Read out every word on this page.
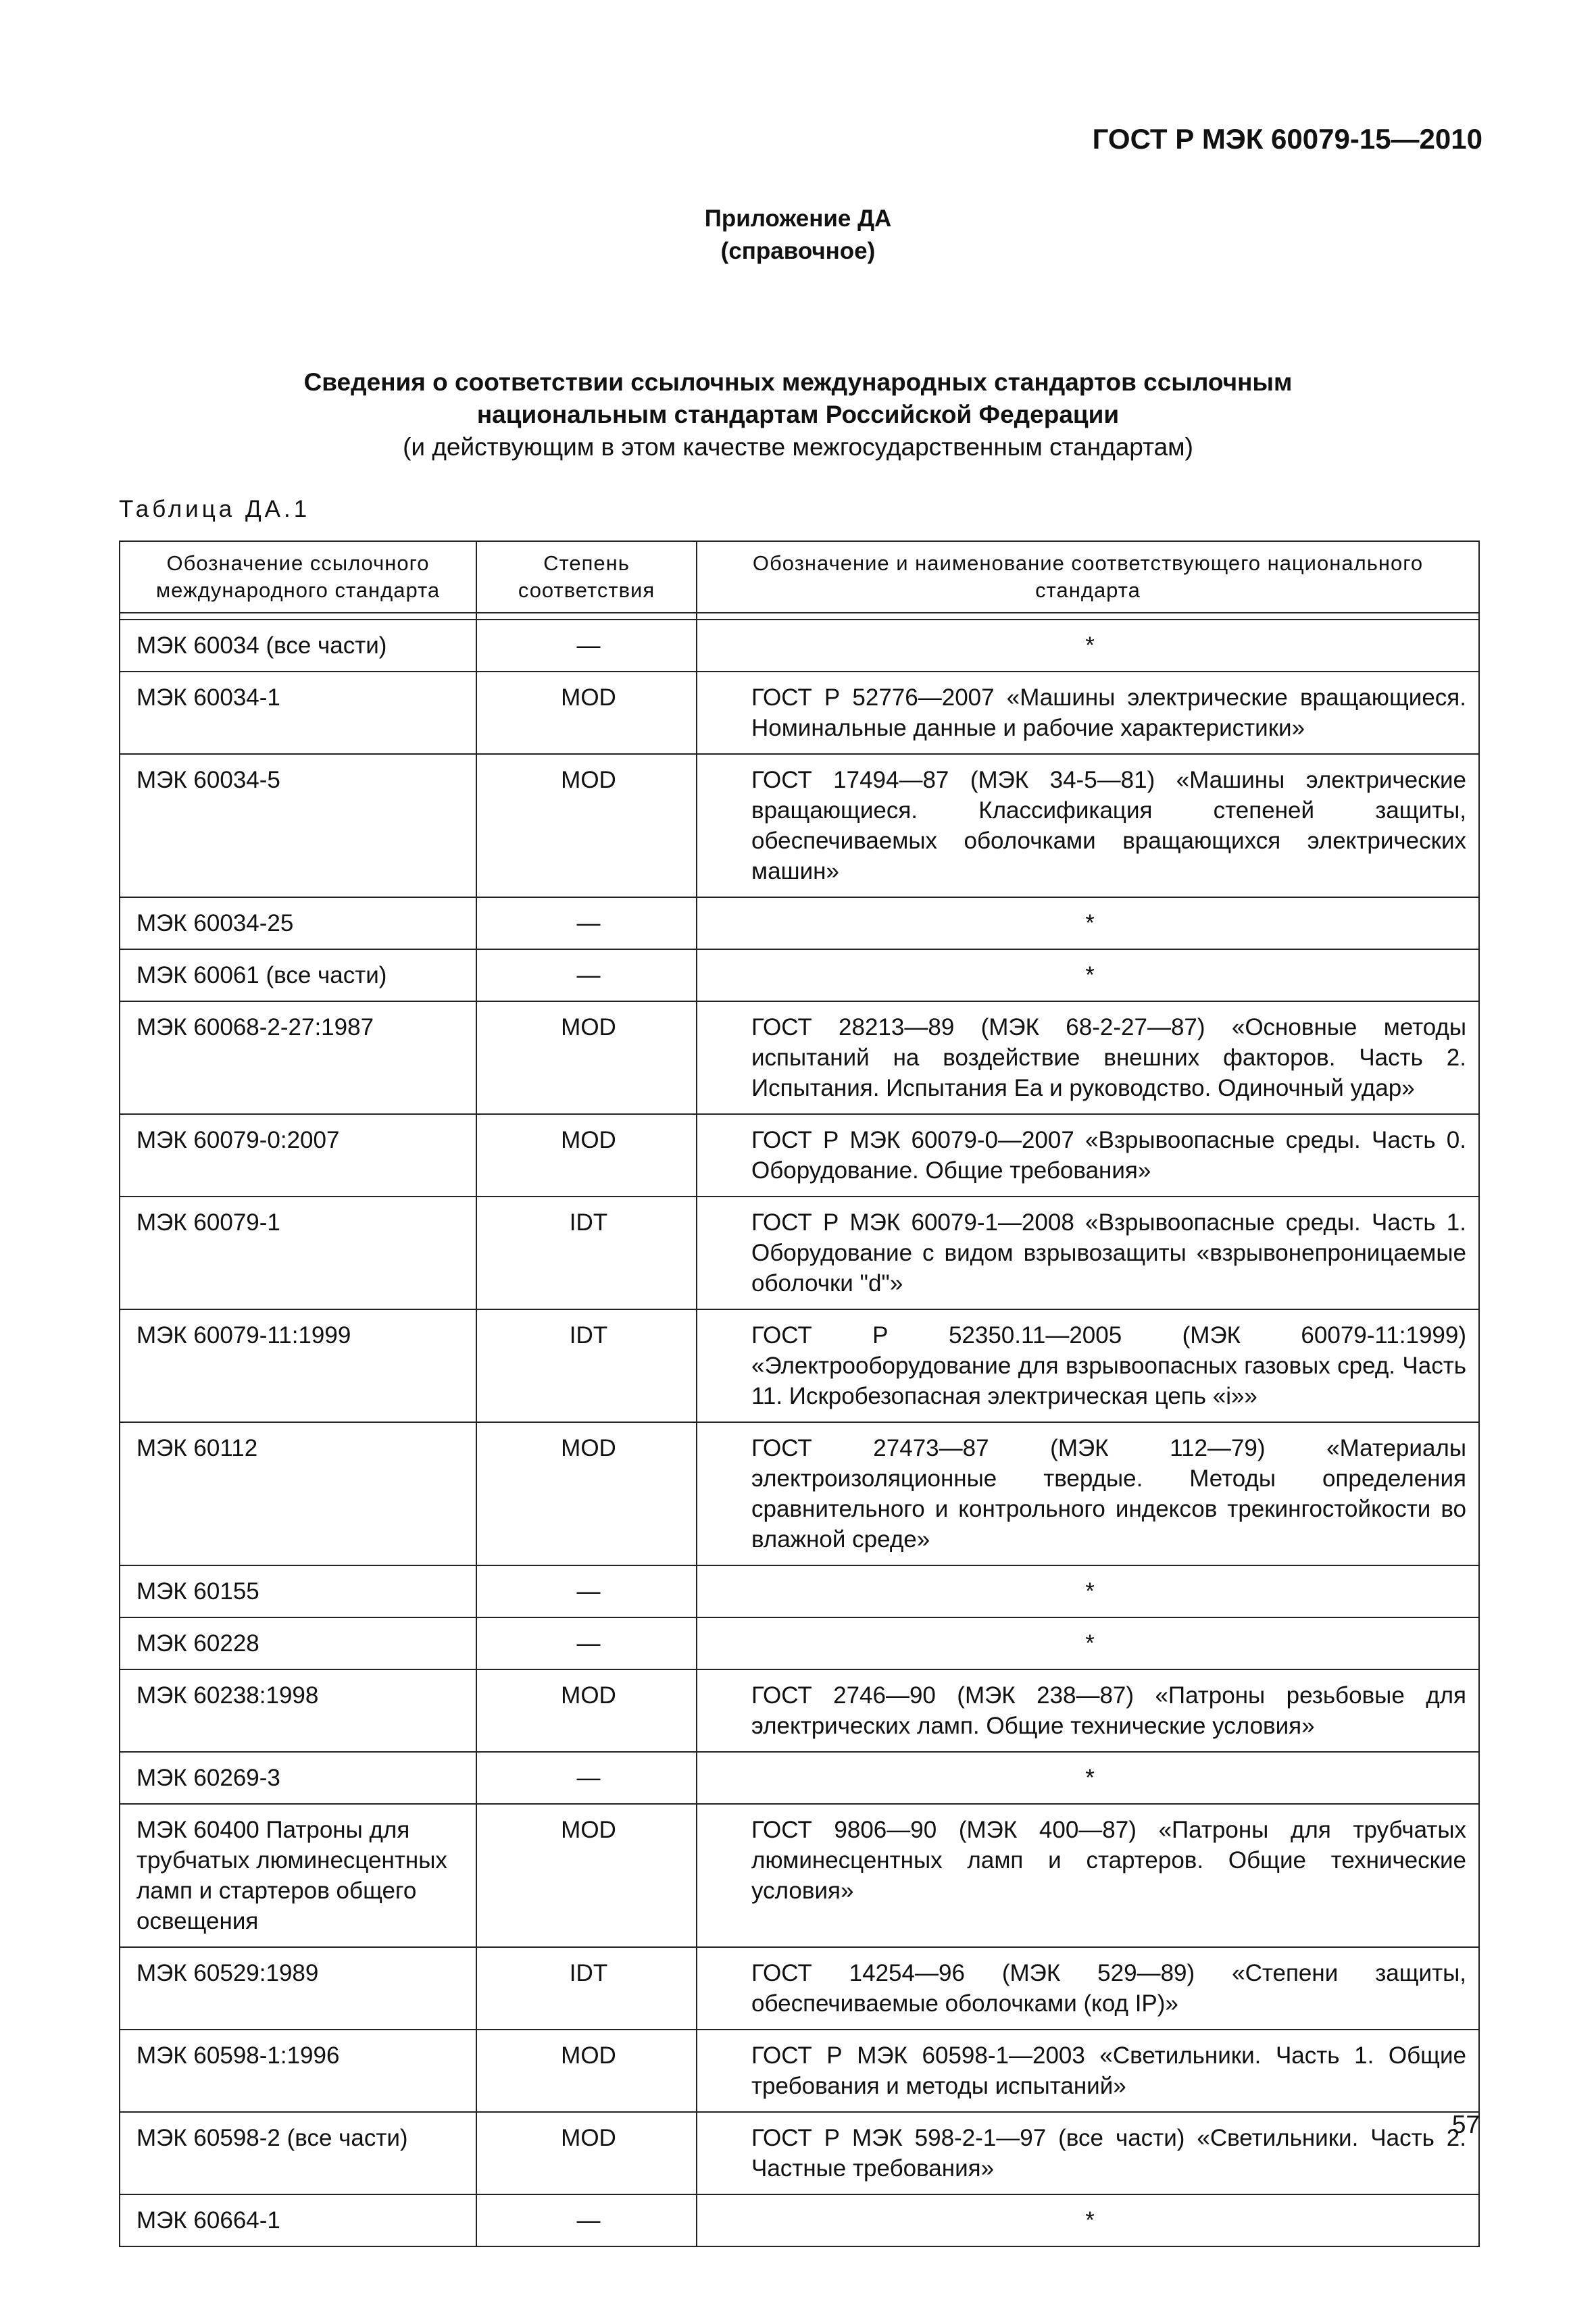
ГОСТ Р МЭК 60079-15—2010
Приложение ДА
(справочное)
Сведения о соответствии ссылочных международных стандартов ссылочным
национальным стандартам Российской Федерации
(и действующим в этом качестве межгосударственным стандартам)
Таблица ДА.1
Обозначение ссылочного международного стандарта	Степень соответствия	Обозначение и наименование соответствующего национального стандарта

МЭК 60034 (все части)	—	*
МЭК 60034-1	MOD	ГОСТ Р 52776—2007 «Машины электрические вращающиеся. Номинальные данные и рабочие характеристики»

МЭК 60034-5	MOD	ГОСТ 17494—87 (МЭК 34-5—81) «Машины электрические вращающиеся. Классификация степеней защиты, обеспечиваемых оболочками вращающихся электрических машин»

МЭК 60034-25	—	*
МЭК 60061 (все части)	—	*
МЭК 60068-2-27:1987	MOD	ГОСТ 28213—89 (МЭК 68-2-27—87) «Основные методы испытаний на воздействие внешних факторов. Часть 2. Испытания. Испытания Ea и руководство. Одиночный удар»

МЭК 60079-0:2007	MOD	ГОСТ Р МЭК 60079-0—2007 «Взрывоопасные среды. Часть 0. Оборудование. Общие требования»

МЭК 60079-1	IDT	ГОСТ Р МЭК 60079-1—2008 «Взрывоопасные среды. Часть 1. Оборудование с видом взрывозащиты «взрывонепроницаемые оболочки "d"»

МЭК 60079-11:1999	IDT	ГОСТ Р 52350.11—2005 (МЭК 60079-11:1999) «Электрооборудование для взрывоопасных газовых сред. Часть 11. Искробезопасная электрическая цепь «i»»

МЭК 60112	MOD	ГОСТ 27473—87 (МЭК 112—79) «Материалы электроизоляционные твердые. Методы определения сравнительного и контрольного индексов трекингостойкости во влажной среде»

МЭК 60155	—	*
МЭК 60228	—	*
МЭК 60238:1998	MOD	ГОСТ 2746—90 (МЭК 238—87) «Патроны резьбовые для электрических ламп. Общие технические условия»

МЭК 60269-3	—	*
МЭК 60400 Патроны для трубчатых люминесцентных ламп и стартеров общего освещения	MOD	ГОСТ 9806—90 (МЭК 400—87) «Патроны для трубчатых люминесцентных ламп и стартеров. Общие технические условия»

МЭК 60529:1989	IDT	ГОСТ 14254—96 (МЭК 529—89) «Степени защиты, обеспечиваемые оболочками (код IP)»

МЭК 60598-1:1996	MOD	ГОСТ Р МЭК 60598-1—2003 «Светильники. Часть 1. Общие требования и методы испытаний»

МЭК 60598-2 (все части)	MOD	ГОСТ Р МЭК 598-2-1—97 (все части) «Светильники. Часть 2. Частные требования»

МЭК 60664-1	—	*
57
